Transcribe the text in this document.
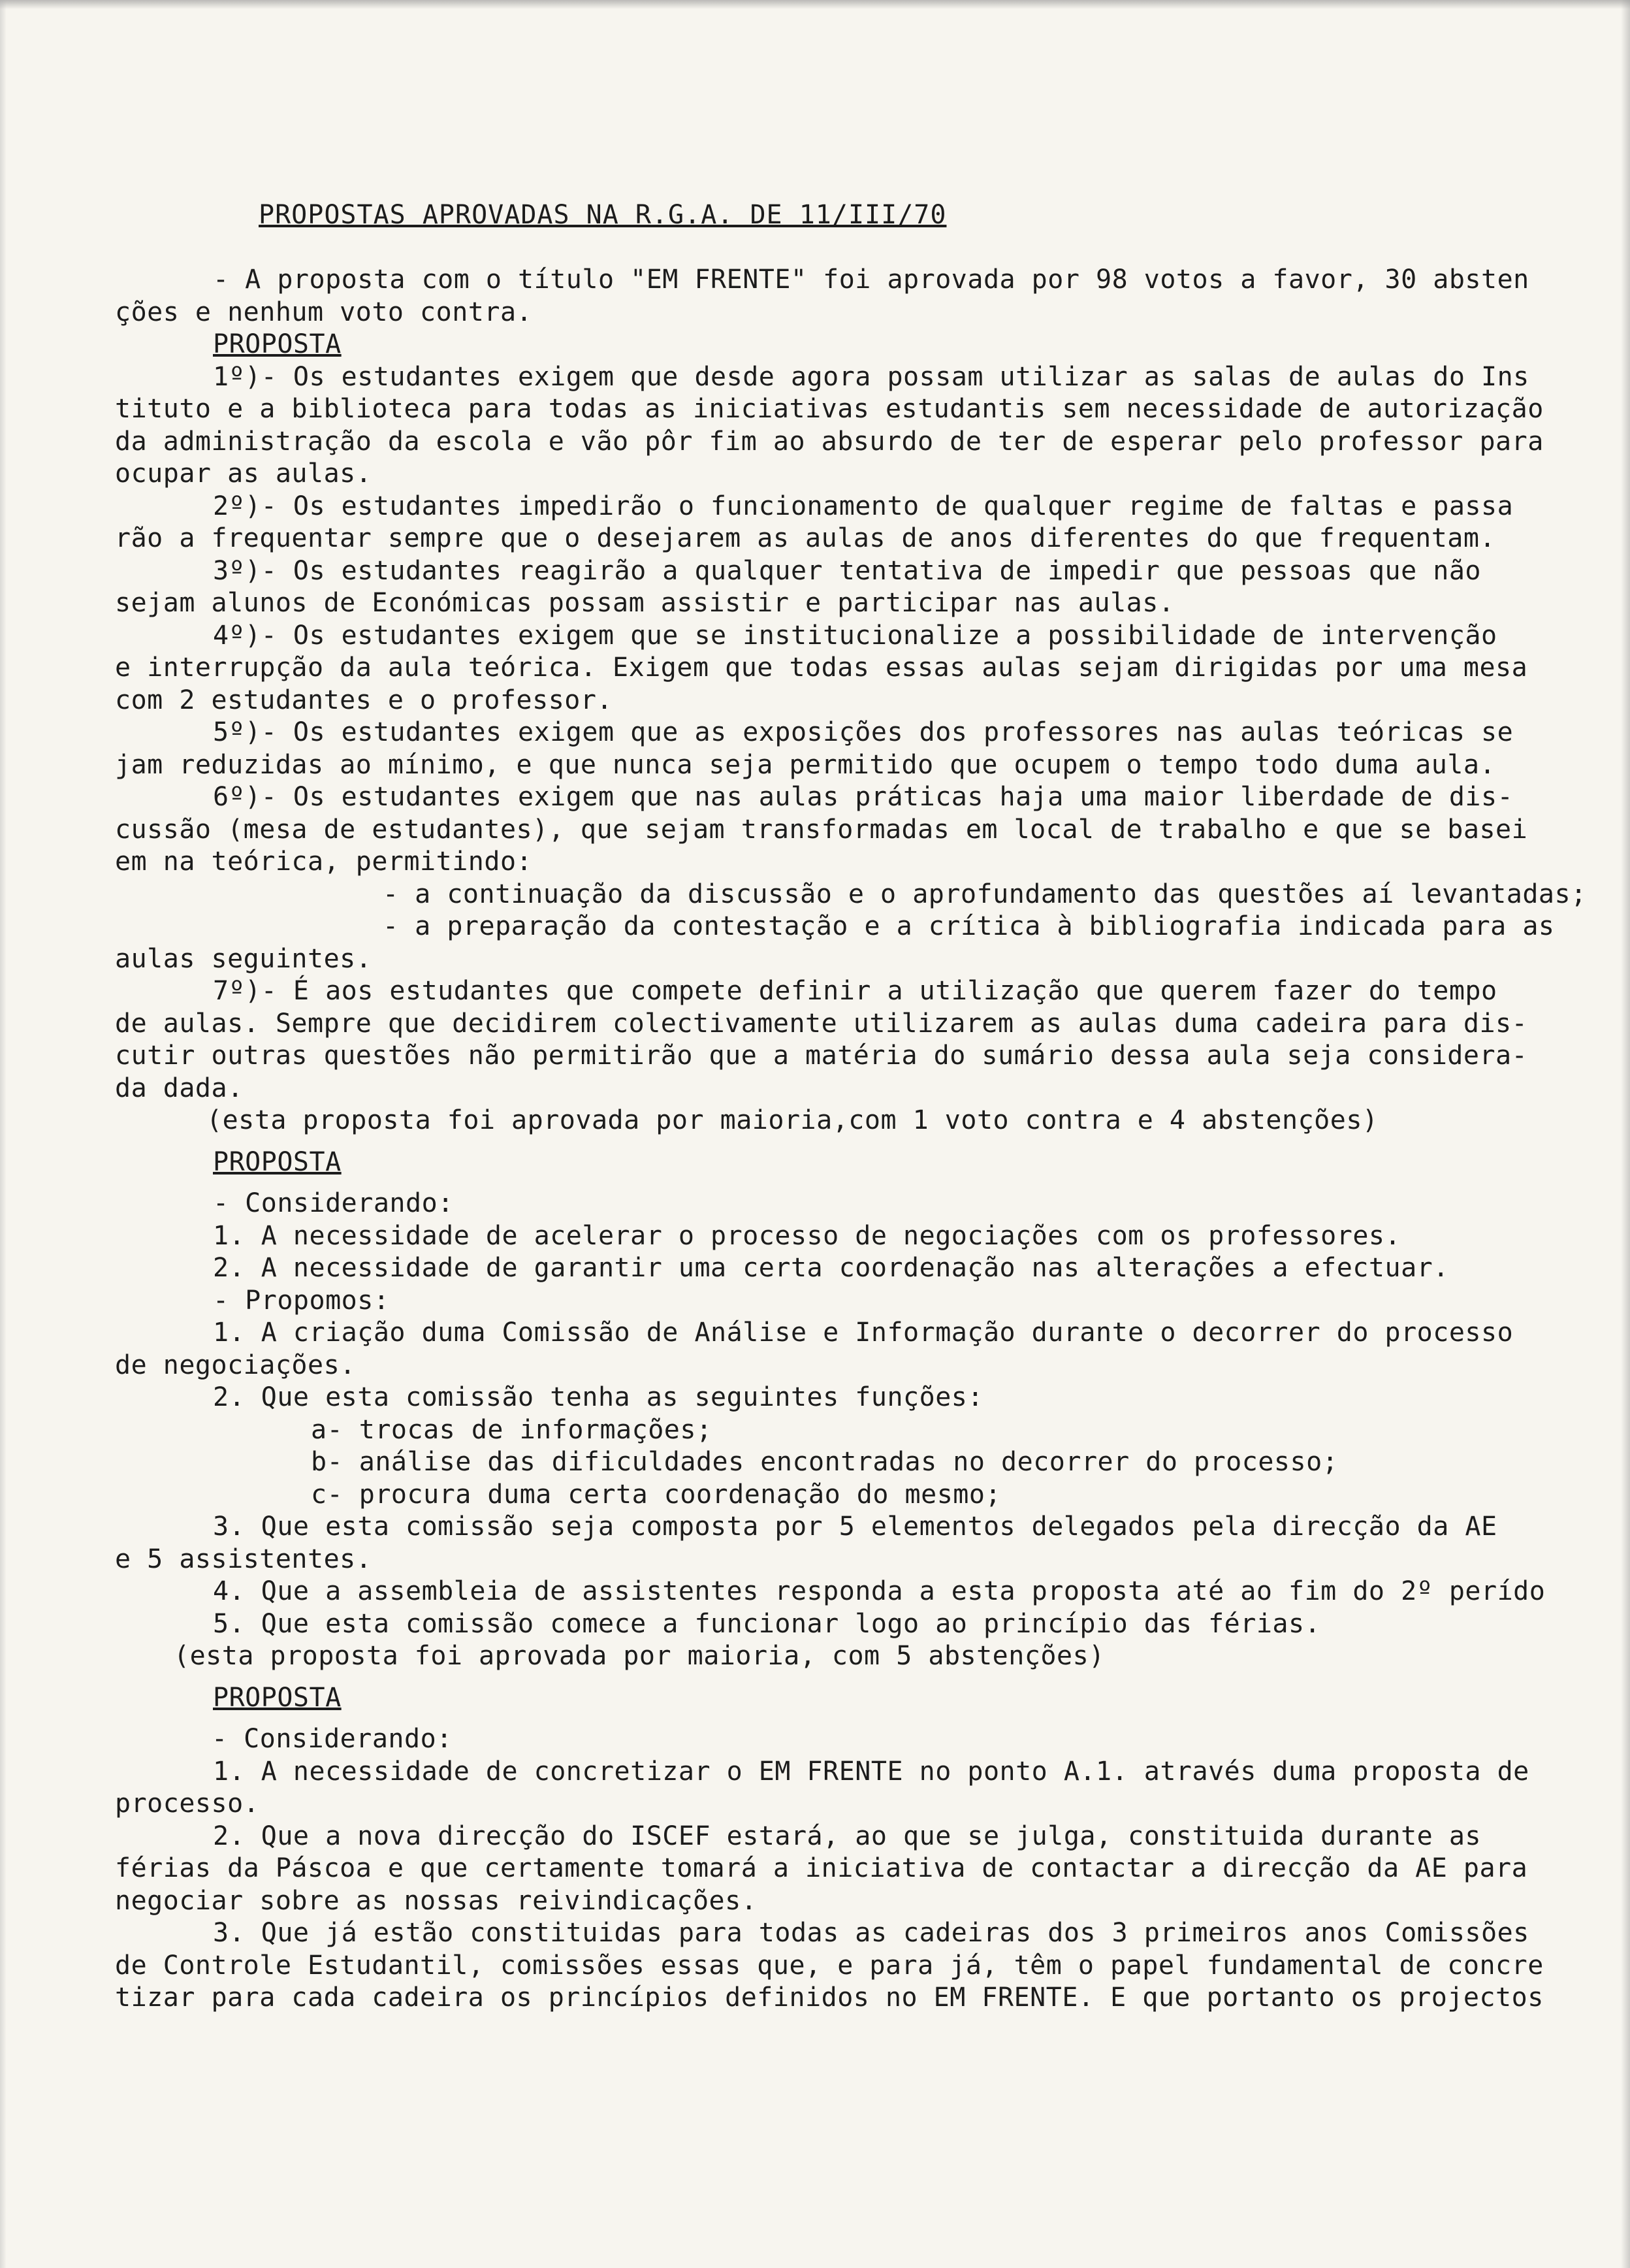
PROPOSTAS APROVADAS NA R.G.A. DE 11/III/70
- A proposta com o título "EM FRENTE" foi aprovada por 98 votos a favor, 30 absten
ções e nenhum voto contra.
PROPOSTA
1º)- Os estudantes exigem que desde agora possam utilizar as salas de aulas do Ins
tituto e a biblioteca para todas as iniciativas estudantis sem necessidade de autorização
da administração da escola e vão pôr fim ao absurdo de ter de esperar pelo professor para
ocupar as aulas.
2º)- Os estudantes impedirão o funcionamento de qualquer regime de faltas e passa
rão a frequentar sempre que o desejarem as aulas de anos diferentes do que frequentam.
3º)- Os estudantes reagirão a qualquer tentativa de impedir que pessoas que não
sejam alunos de Económicas possam assistir e participar nas aulas.
4º)- Os estudantes exigem que se institucionalize a possibilidade de intervenção
e interrupção da aula teórica. Exigem que todas essas aulas sejam dirigidas por uma mesa
com 2 estudantes e o professor.
5º)- Os estudantes exigem que as exposições dos professores nas aulas teóricas se
jam reduzidas ao mínimo, e que nunca seja permitido que ocupem o tempo todo duma aula.
6º)- Os estudantes exigem que nas aulas práticas haja uma maior liberdade de dis-
cussão (mesa de estudantes), que sejam transformadas em local de trabalho e que se basei
em na teórica, permitindo:
- a continuação da discussão e o aprofundamento das questões aí levantadas;
- a preparação da contestação e a crítica à bibliografia indicada para as
aulas seguintes.
7º)- É aos estudantes que compete definir a utilização que querem fazer do tempo
de aulas. Sempre que decidirem colectivamente utilizarem as aulas duma cadeira para dis-
cutir outras questões não permitirão que a matéria do sumário dessa aula seja considera-
da dada.
(esta proposta foi aprovada por maioria,com 1 voto contra e 4 abstenções)
PROPOSTA
- Considerando:
1. A necessidade de acelerar o processo de negociações com os professores.
2. A necessidade de garantir uma certa coordenação nas alterações a efectuar.
- Propomos:
1. A criação duma Comissão de Análise e Informação durante o decorrer do processo
de negociações.
2. Que esta comissão tenha as seguintes funções:
a- trocas de informações;
b- análise das dificuldades encontradas no decorrer do processo;
c- procura duma certa coordenação do mesmo;
3. Que esta comissão seja composta por 5 elementos delegados pela direcção da AE
e 5 assistentes.
4. Que a assembleia de assistentes responda a esta proposta até ao fim do 2º perído
5. Que esta comissão comece a funcionar logo ao princípio das férias.
(esta proposta foi aprovada por maioria, com 5 abstenções)
PROPOSTA
- Considerando:
1. A necessidade de concretizar o EM FRENTE no ponto A.1. através duma proposta de
processo.
2. Que a nova direcção do ISCEF estará, ao que se julga, constituida durante as
férias da Páscoa e que certamente tomará a iniciativa de contactar a direcção da AE para
negociar sobre as nossas reivindicações.
3. Que já estão constituidas para todas as cadeiras dos 3 primeiros anos Comissões
de Controle Estudantil, comissões essas que, e para já, têm o papel fundamental de concre
tizar para cada cadeira os princípios definidos no EM FRENTE. E que portanto os projectos
